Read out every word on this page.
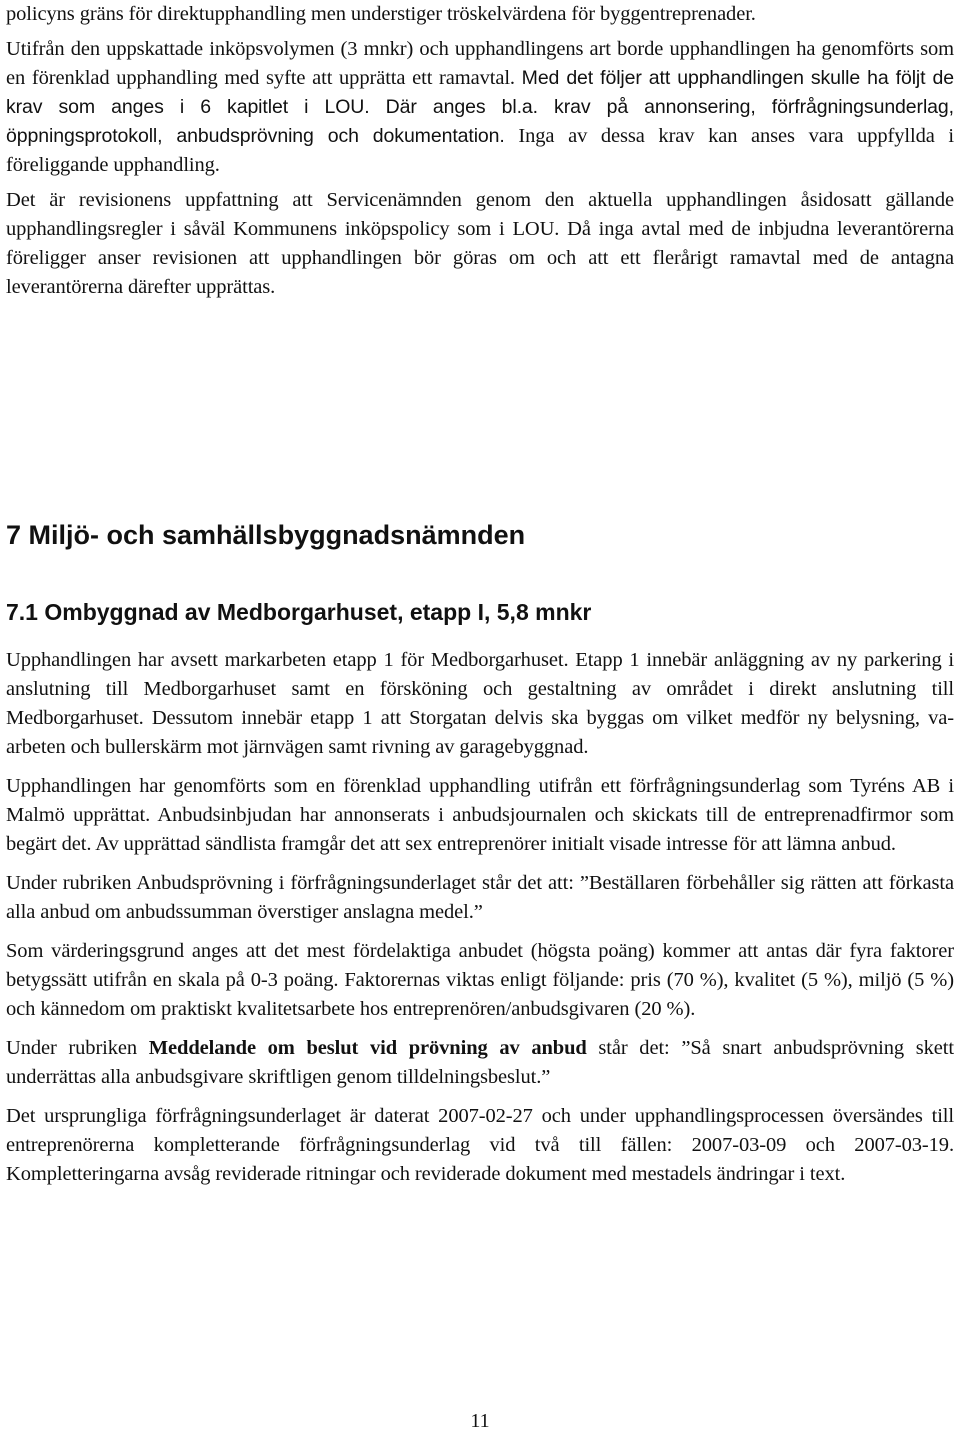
policyns gräns för direktupphandling men understiger tröskelvärdena för byggentreprenader.

Utifrån den uppskattade inköpsvolymen (3 mnkr) och upphandlingens art borde upphandlingen ha genomförts som en förenklad upphandling med syfte att upprätta ett ramavtal. Med det följer att upphandlingen skulle ha följt de krav som anges i 6 kapitlet i LOU. Där anges bl.a. krav på annonsering, förfrågningsunderlag, öppningsprotokoll, anbudsprövning och dokumentation. Inga av dessa krav kan anses vara uppfyllda i föreliggande upphandling.

Det är revisionens uppfattning att Servicenämnden genom den aktuella upphandlingen åsidosatt gällande upphandlingsregler i såväl Kommunens inköpspolicy som i LOU. Då inga avtal med de inbjudna leverantörerna föreligger anser revisionen att upphandlingen bör göras om och att ett flerårigt ramavtal med de antagna leverantörerna därefter upprättas.

7 Miljö- och samhällsbyggnadsnämnden
7.1 Ombyggnad av Medborgarhuset, etapp I, 5,8 mnkr

Upphandlingen har avsett markarbeten etapp 1 för Medborgarhuset. Etapp 1 innebär anläggning av ny parkering i anslutning till Medborgarhuset samt en försköning och gestaltning av området i direkt anslutning till Medborgarhuset. Dessutom innebär etapp 1 att Storgatan delvis ska byggas om vilket medför ny belysning, va-arbeten och bullerskärm mot järnvägen samt rivning av garagebyggnad.

Upphandlingen har genomförts som en förenklad upphandling utifrån ett förfrågningsunderlag som Tyréns AB i Malmö upprättat. Anbudsinbjudan har annonserats i anbudsjournalen och skickats till de entreprenadfirmor som begärt det. Av upprättad sändlista framgår det att sex entreprenörer initialt visade intresse för att lämna anbud.

Under rubriken Anbudsprövning i förfrågningsunderlaget står det att: ”Beställaren förbehåller sig rätten att förkasta alla anbud om anbudssumman överstiger anslagna medel.”

Som värderingsgrund anges att det mest fördelaktiga anbudet (högsta poäng) kommer att antas där fyra faktorer betygssätt utifrån en skala på 0-3 poäng. Faktorernas viktas enligt följande: pris (70 %), kvalitet (5 %), miljö (5 %) och kännedom om praktiskt kvalitetsarbete hos entreprenören/anbudsgivaren (20 %).

Under rubriken Meddelande om beslut vid prövning av anbud står det: ”Så snart anbudsprövning skett underrättas alla anbudsgivare skriftligen genom tilldelningsbeslut.”

Det ursprungliga förfrågningsunderlaget är daterat 2007-02-27 och under upphandlingsprocessen översändes till entreprenörerna kompletterande förfrågningsunderlag vid två till fällen: 2007-03-09 och 2007-03-19. Kompletteringarna avsåg reviderade ritningar och reviderade dokument med mestadels ändringar i text.

11
